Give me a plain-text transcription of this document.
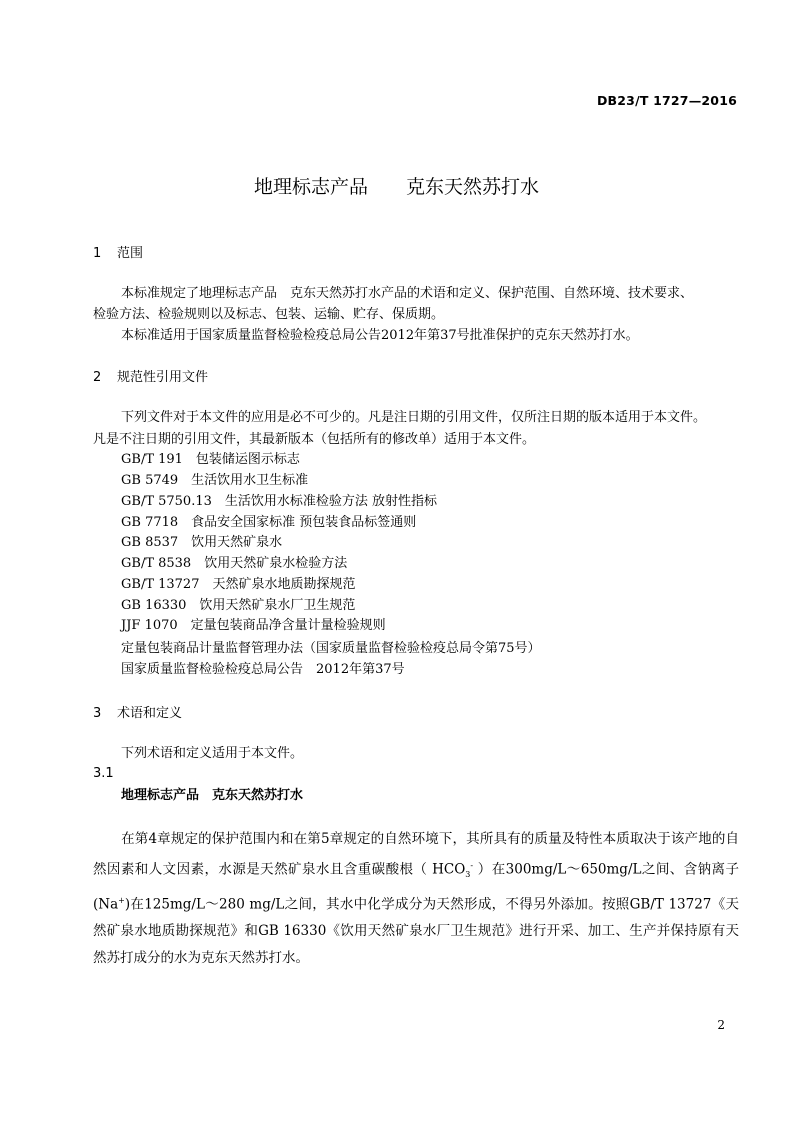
DB23/T 1727—2016
地理标志产品　　克东天然苏打水
1 范围
本标准规定了地理标志产品　克东天然苏打水产品的术语和定义、保护范围、自然环境、技术要求、
检验方法、检验规则以及标志、包装、运输、贮存、保质期。
本标准适用于国家质量监督检验检疫总局公告2012年第37号批准保护的克东天然苏打水。
2 规范性引用文件
下列文件对于本文件的应用是必不可少的。凡是注日期的引用文件，仅所注日期的版本适用于本文件。
凡是不注日期的引用文件，其最新版本（包括所有的修改单）适用于本文件。
GB/T 191　包装储运图示标志
GB 5749　生活饮用水卫生标准
GB/T 5750.13　生活饮用水标准检验方法 放射性指标
GB 7718　食品安全国家标准 预包装食品标签通则
GB 8537　饮用天然矿泉水
GB/T 8538　饮用天然矿泉水检验方法
GB/T 13727　天然矿泉水地质勘探规范
GB 16330　饮用天然矿泉水厂卫生规范
JJF 1070　定量包装商品净含量计量检验规则
定量包装商品计量监督管理办法（国家质量监督检验检疫总局令第75号）
国家质量监督检验检疫总局公告　2012年第37号
3 术语和定义
下列术语和定义适用于本文件。
3.1
地理标志产品　克东天然苏打水
在第4章规定的保护范围内和在第5章规定的自然环境下，其所具有的质量及特性本质取决于该产地的自然因素和人文因素，水源是天然矿泉水且含重碳酸根（ $HCO_3^-$ ）在300mg/L～650mg/L之间、含钠离子(Na+)在125mg/L～280 mg/L之间，其水中化学成分为天然形成，不得另外添加。按照GB/T 13727《天然矿泉水地质勘探规范》和GB 16330《饮用天然矿泉水厂卫生规范》进行开采、加工、生产并保持原有天然苏打成分的水为克东天然苏打水。
2
